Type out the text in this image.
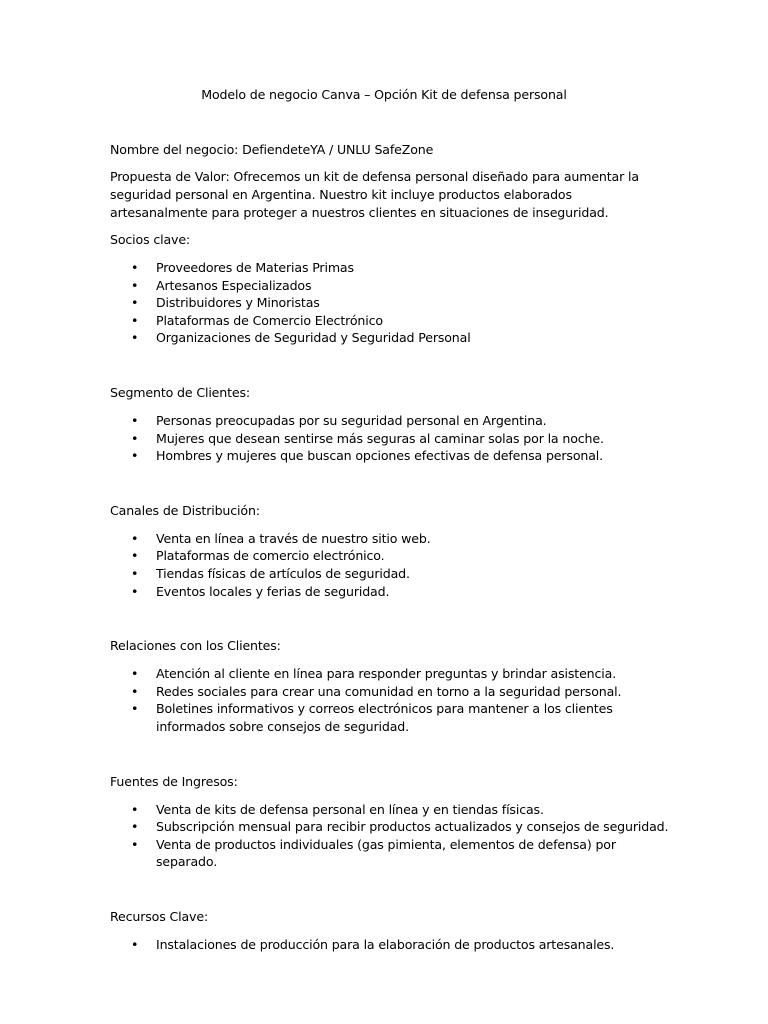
Modelo de negocio Canva – Opción Kit de defensa personal

Nombre del negocio: DefiendeteYA / UNLU SafeZone

Propuesta de Valor: Ofrecemos un kit de defensa personal diseñado para aumentar la seguridad personal en Argentina. Nuestro kit incluye productos elaborados artesanalmente para proteger a nuestros clientes en situaciones de inseguridad.

Socios clave:

• Proveedores de Materias Primas
• Artesanos Especializados
• Distribuidores y Minoristas
• Plataformas de Comercio Electrónico
• Organizaciones de Seguridad y Seguridad Personal

Segmento de Clientes:

• Personas preocupadas por su seguridad personal en Argentina.
• Mujeres que desean sentirse más seguras al caminar solas por la noche.
• Hombres y mujeres que buscan opciones efectivas de defensa personal.

Canales de Distribución:

• Venta en línea a través de nuestro sitio web.
• Plataformas de comercio electrónico.
• Tiendas físicas de artículos de seguridad.
• Eventos locales y ferias de seguridad.

Relaciones con los Clientes:

• Atención al cliente en línea para responder preguntas y brindar asistencia.
• Redes sociales para crear una comunidad en torno a la seguridad personal.
• Boletines informativos y correos electrónicos para mantener a los clientes informados sobre consejos de seguridad.

Fuentes de Ingresos:

• Venta de kits de defensa personal en línea y en tiendas físicas.
• Subscripción mensual para recibir productos actualizados y consejos de seguridad.
• Venta de productos individuales (gas pimienta, elementos de defensa) por separado.

Recursos Clave:

• Instalaciones de producción para la elaboración de productos artesanales.
